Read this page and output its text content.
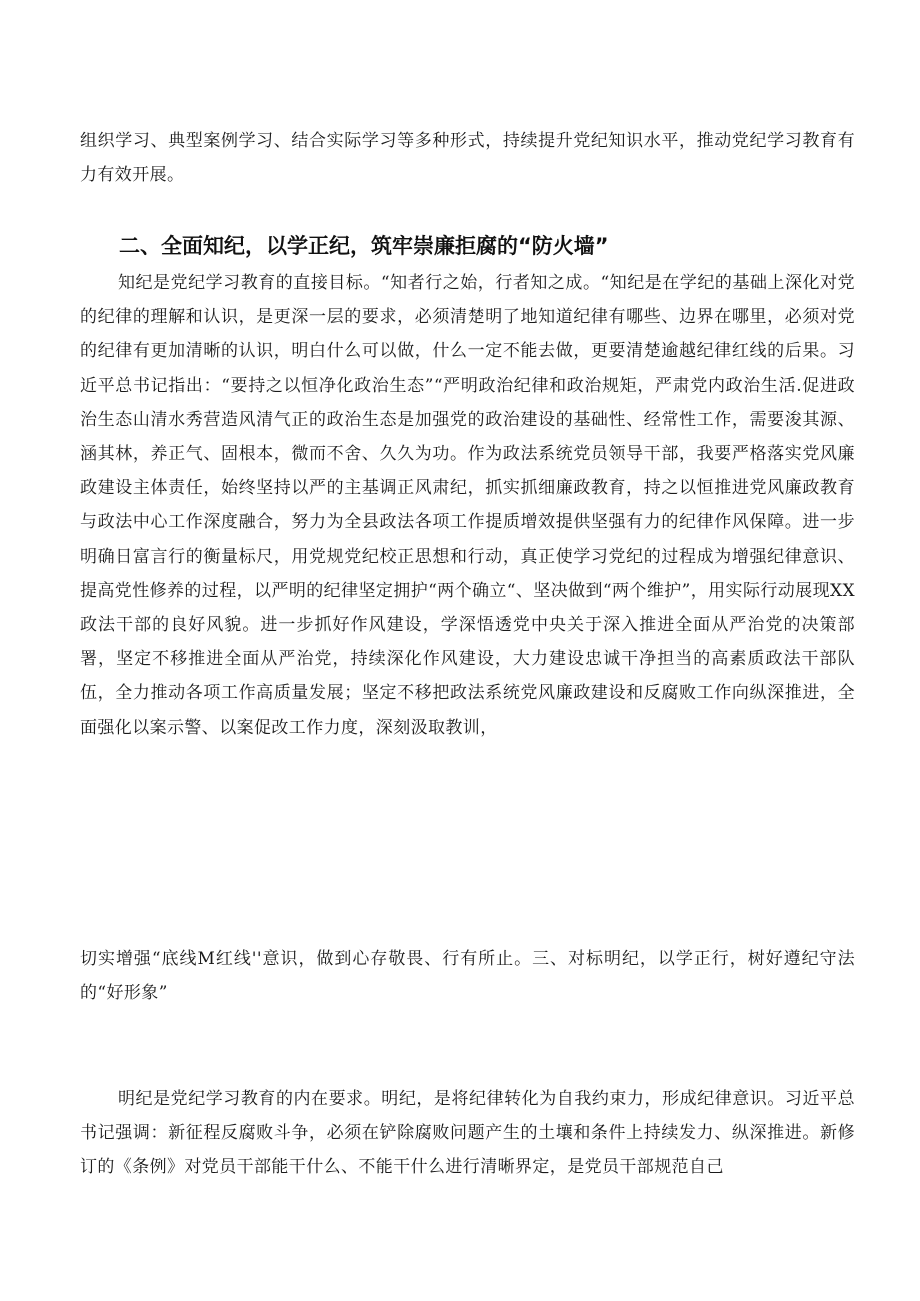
组织学习、典型案例学习、结合实际学习等多种形式，持续提升党纪知识水平，推动党纪学习教育有力有效开展。

二、全面知纪，以学正纪，筑牢崇廉拒腐的“防火墙”

知纪是党纪学习教育的直接目标。“知者行之始，行者知之成。“知纪是在学纪的基础上深化对党的纪律的理解和认识，是更深一层的要求，必须清楚明了地知道纪律有哪些、边界在哪里，必须对党的纪律有更加清晰的认识，明白什么可以做，什么一定不能去做，更要清楚逾越纪律红线的后果。习近平总书记指出：“要持之以恒净化政治生态”“严明政治纪律和政治规矩，严肃党内政治生活.促进政治生态山清水秀营造风清气正的政治生态是加强党的政治建设的基础性、经常性工作，需要浚其源、涵其林，养正气、固根本，微而不舍、久久为功。作为政法系统党员领导干部，我要严格落实党风廉政建设主体责任，始终坚持以严的主基调正风肃纪，抓实抓细廉政教育，持之以恒推进党风廉政教育与政法中心工作深度融合，努力为全县政法各项工作提质增效提供坚强有力的纪律作风保障。进一步明确日富言行的衡量标尺，用党规党纪校正思想和行动，真正使学习党纪的过程成为增强纪律意识、提高党性修养的过程，以严明的纪律坚定拥护“两个确立“、坚决做到“两个维护”，用实际行动展现XX政法干部的良好风貌。进一步抓好作风建设，学深悟透党中央关于深入推进全面从严治党的决策部署，坚定不移推进全面从严治党，持续深化作风建设，大力建设忠诚干净担当的高素质政法干部队伍，全力推动各项工作高质量发展；坚定不移把政法系统党风廉政建设和反腐败工作向纵深推进，全面强化以案示警、以案促改工作力度，深刻汲取教训，

切实增强“底线M红线''意识，做到心存敬畏、行有所止。三、对标明纪，以学正行，树好遵纪守法的“好形象”

明纪是党纪学习教育的内在要求。明纪，是将纪律转化为自我约束力，形成纪律意识。习近平总书记强调：新征程反腐败斗争，必须在铲除腐败问题产生的土壤和条件上持续发力、纵深推进。新修订的《条例》对党员干部能干什么、不能干什么进行清晰界定，是党员干部规范自己
